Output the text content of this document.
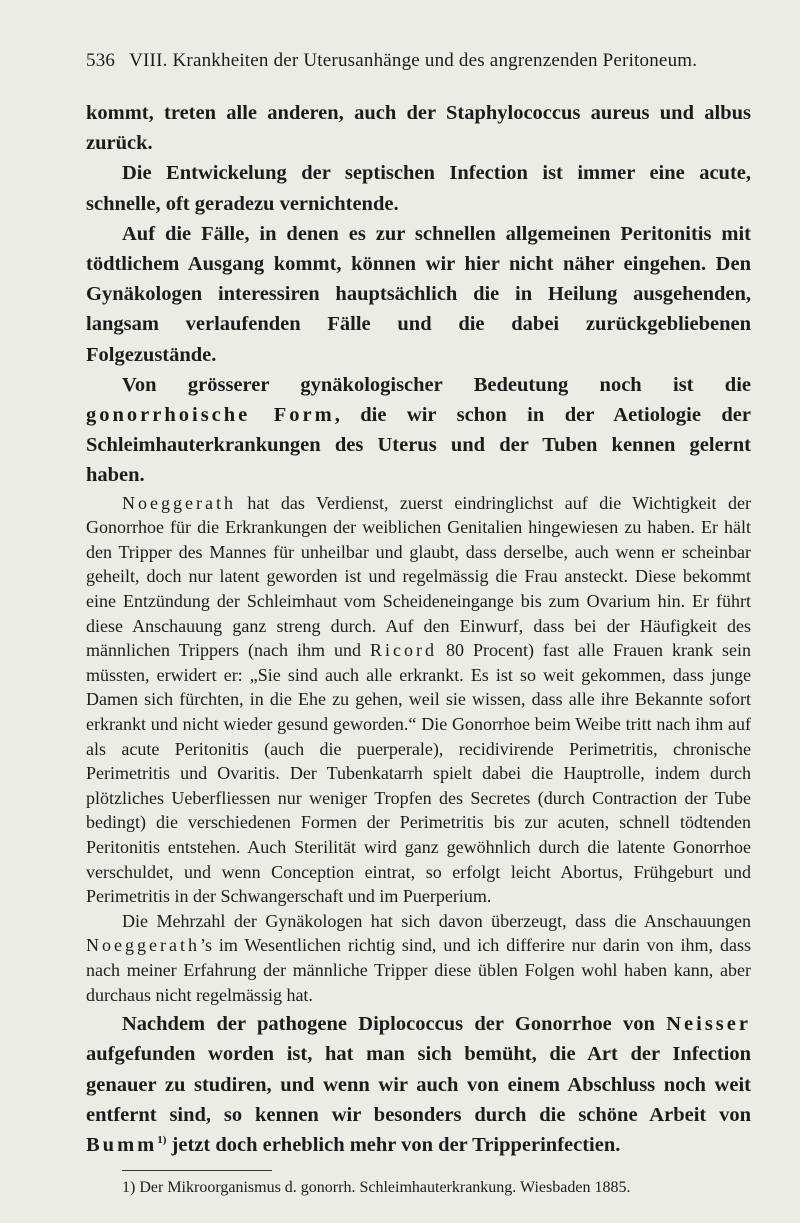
536 VIII. Krankheiten der Uterusanhänge und des angrenzenden Peritoneum.

kommt, treten alle anderen, auch der Staphylococcus aureus und albus zurück.

Die Entwickelung der septischen Infection ist immer eine acute, schnelle, oft geradezu vernichtende.

Auf die Fälle, in denen es zur schnellen allgemeinen Peritonitis mit tödtlichem Ausgang kommt, können wir hier nicht näher eingehen. Den Gynäkologen interessiren hauptsächlich die in Heilung ausgehenden, langsam verlaufenden Fälle und die dabei zurückgebliebenen Folgezustände.

Von grösserer gynäkologischer Bedeutung noch ist die gonorrhoische Form, die wir schon in der Aetiologie der Schleimhauterkrankungen des Uterus und der Tuben kennen gelernt haben.

Noeggerath hat das Verdienst, zuerst eindringlichst auf die Wichtigkeit der Gonorrhoe für die Erkrankungen der weiblichen Genitalien hingewiesen zu haben. Er hält den Tripper des Mannes für unheilbar und glaubt, dass derselbe, auch wenn er scheinbar geheilt, doch nur latent geworden ist und regelmässig die Frau ansteckt. Diese bekommt eine Entzündung der Schleimhaut vom Scheideneingange bis zum Ovarium hin. Er führt diese Anschauung ganz streng durch. Auf den Einwurf, dass bei der Häufigkeit des männlichen Trippers (nach ihm und Ricord 80 Procent) fast alle Frauen krank sein müssten, erwidert er: „Sie sind auch alle erkrankt. Es ist so weit gekommen, dass junge Damen sich fürchten, in die Ehe zu gehen, weil sie wissen, dass alle ihre Bekannte sofort erkrankt und nicht wieder gesund geworden.“ Die Gonorrhoe beim Weibe tritt nach ihm auf als acute Peritonitis (auch die puerperale), recidivirende Perimetritis, chronische Perimetritis und Ovaritis. Der Tubenkatarrh spielt dabei die Hauptrolle, indem durch plötzliches Ueberfliessen nur weniger Tropfen des Secretes (durch Contraction der Tube bedingt) die verschiedenen Formen der Perimetritis bis zur acuten, schnell tödtenden Peritonitis entstehen. Auch Sterilität wird ganz gewöhnlich durch die latente Gonorrhoe verschuldet, und wenn Conception eintrat, so erfolgt leicht Abortus, Frühgeburt und Perimetritis in der Schwangerschaft und im Puerperium.

Die Mehrzahl der Gynäkologen hat sich davon überzeugt, dass die Anschauungen Noeggerath’s im Wesentlichen richtig sind, und ich differire nur darin von ihm, dass nach meiner Erfahrung der männliche Tripper diese üblen Folgen wohl haben kann, aber durchaus nicht regelmässig hat.

Nachdem der pathogene Diplococcus der Gonorrhoe von Neisser aufgefunden worden ist, hat man sich bemüht, die Art der Infection genauer zu studiren, und wenn wir auch von einem Abschluss noch weit entfernt sind, so kennen wir besonders durch die schöne Arbeit von Bumm$^{1)}$ jetzt doch erheblich mehr von der Tripperinfectien.

1) Der Mikroorganismus d. gonorrh. Schleimhauterkrankung. Wiesbaden 1885.
